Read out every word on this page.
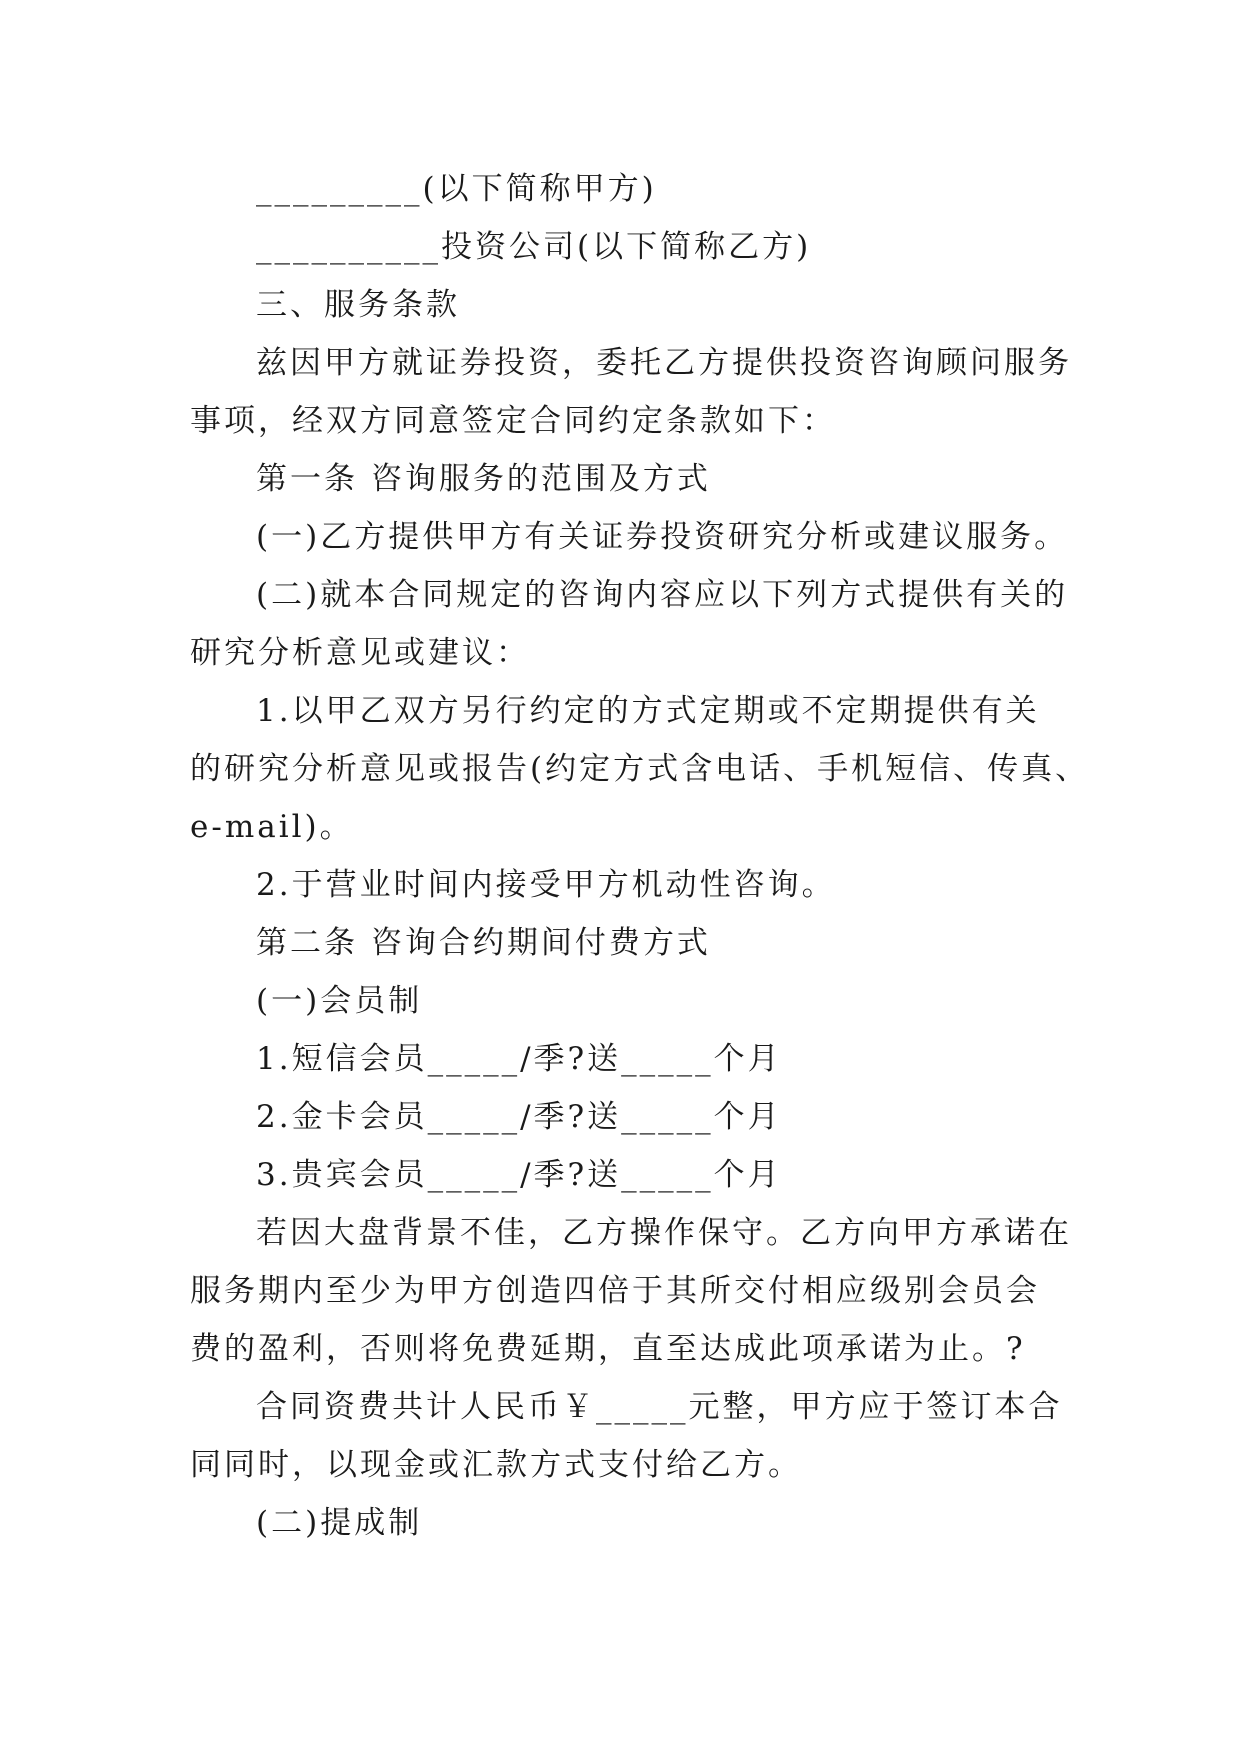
_________(以下简称甲方)
__________投资公司(以下简称乙方)
三、服务条款
兹因甲方就证券投资，委托乙方提供投资咨询顾问服务
事项，经双方同意签定合同约定条款如下：
第一条 咨询服务的范围及方式
(一)乙方提供甲方有关证券投资研究分析或建议服务。
(二)就本合同规定的咨询内容应以下列方式提供有关的
研究分析意见或建议：
1.以甲乙双方另行约定的方式定期或不定期提供有关
的研究分析意见或报告(约定方式含电话、手机短信、传真、
e-mail)。
2.于营业时间内接受甲方机动性咨询。
第二条 咨询合约期间付费方式
(一)会员制
1.短信会员_____/季?送_____个月
2.金卡会员_____/季?送_____个月
3.贵宾会员_____/季?送_____个月
若因大盘背景不佳，乙方操作保守。乙方向甲方承诺在
服务期内至少为甲方创造四倍于其所交付相应级别会员会
费的盈利，否则将免费延期，直至达成此项承诺为止。?
合同资费共计人民币￥_____元整，甲方应于签订本合
同同时，以现金或汇款方式支付给乙方。
(二)提成制
